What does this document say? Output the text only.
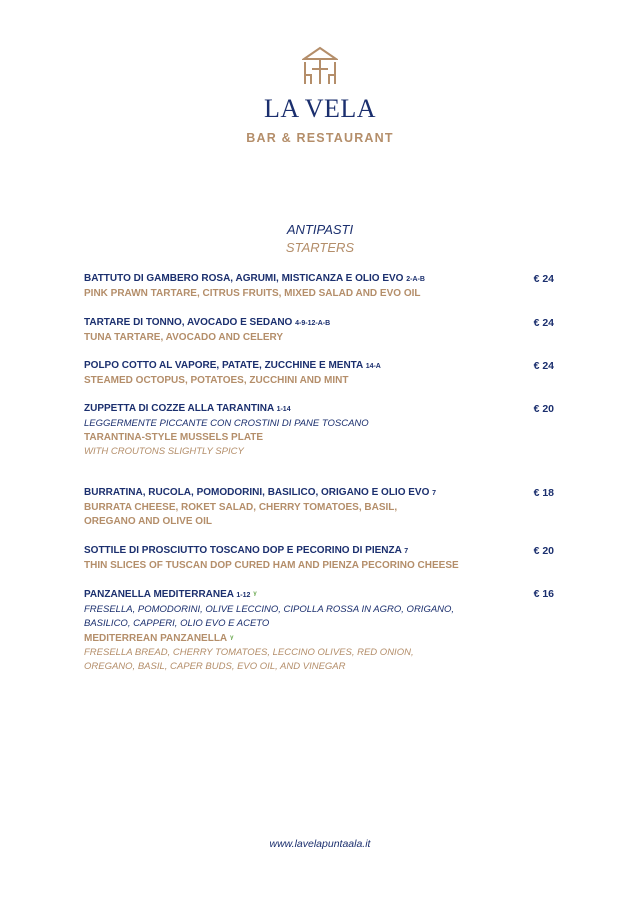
LA VELA
BAR & RESTAURANT
ANTIPASTI
STARTERS
BATTUTO DI GAMBERO ROSA, AGRUMI, MISTICANZA E OLIO EVO 2-A-B
PINK PRAWN TARTARE, CITRUS FRUITS, MIXED SALAD AND EVO OIL
€ 24
TARTARE DI TONNO, AVOCADO E SEDANO 4-9-12-A-B
TUNA TARTARE, AVOCADO AND CELERY
€ 24
POLPO COTTO AL VAPORE, PATATE, ZUCCHINE E MENTA 14-A
STEAMED OCTOPUS, POTATOES, ZUCCHINI AND MINT
€ 24
ZUPPETTA DI COZZE ALLA TARANTINA 1-14
LEGGERMENTE PICCANTE CON CROSTINI DI PANE TOSCANO
TARANTINA-STYLE MUSSELS PLATE
WITH CROUTONS SLIGHTLY SPICY
€ 20
BURRATINA, RUCOLA, POMODORINI, BASILICO, ORIGANO E OLIO EVO 7
BURRATA CHEESE, ROKET SALAD, CHERRY TOMATOES, BASIL, OREGANO AND OLIVE OIL
€ 18
SOTTILE DI PROSCIUTTO TOSCANO DOP E PECORINO DI PIENZA 7
THIN SLICES OF TUSCAN DOP CURED HAM AND PIENZA PECORINO CHEESE
€ 20
PANZANELLA MEDITERRANEA 1-12 ᵞ
FRESELLA, POMODORINI, OLIVE LECCINO, CIPOLLA ROSSA IN AGRO, ORIGANO, BASILICO, CAPPERI, OLIO EVO E ACETO
MEDITERREAN PANZANELLA ᵞ
FRESELLA BREAD, CHERRY TOMATOES, LECCINO OLIVES, RED ONION, OREGANO, BASIL, CAPER BUDS, EVO OIL, AND VINEGAR
€ 16
www.lavelapuntaala.it
